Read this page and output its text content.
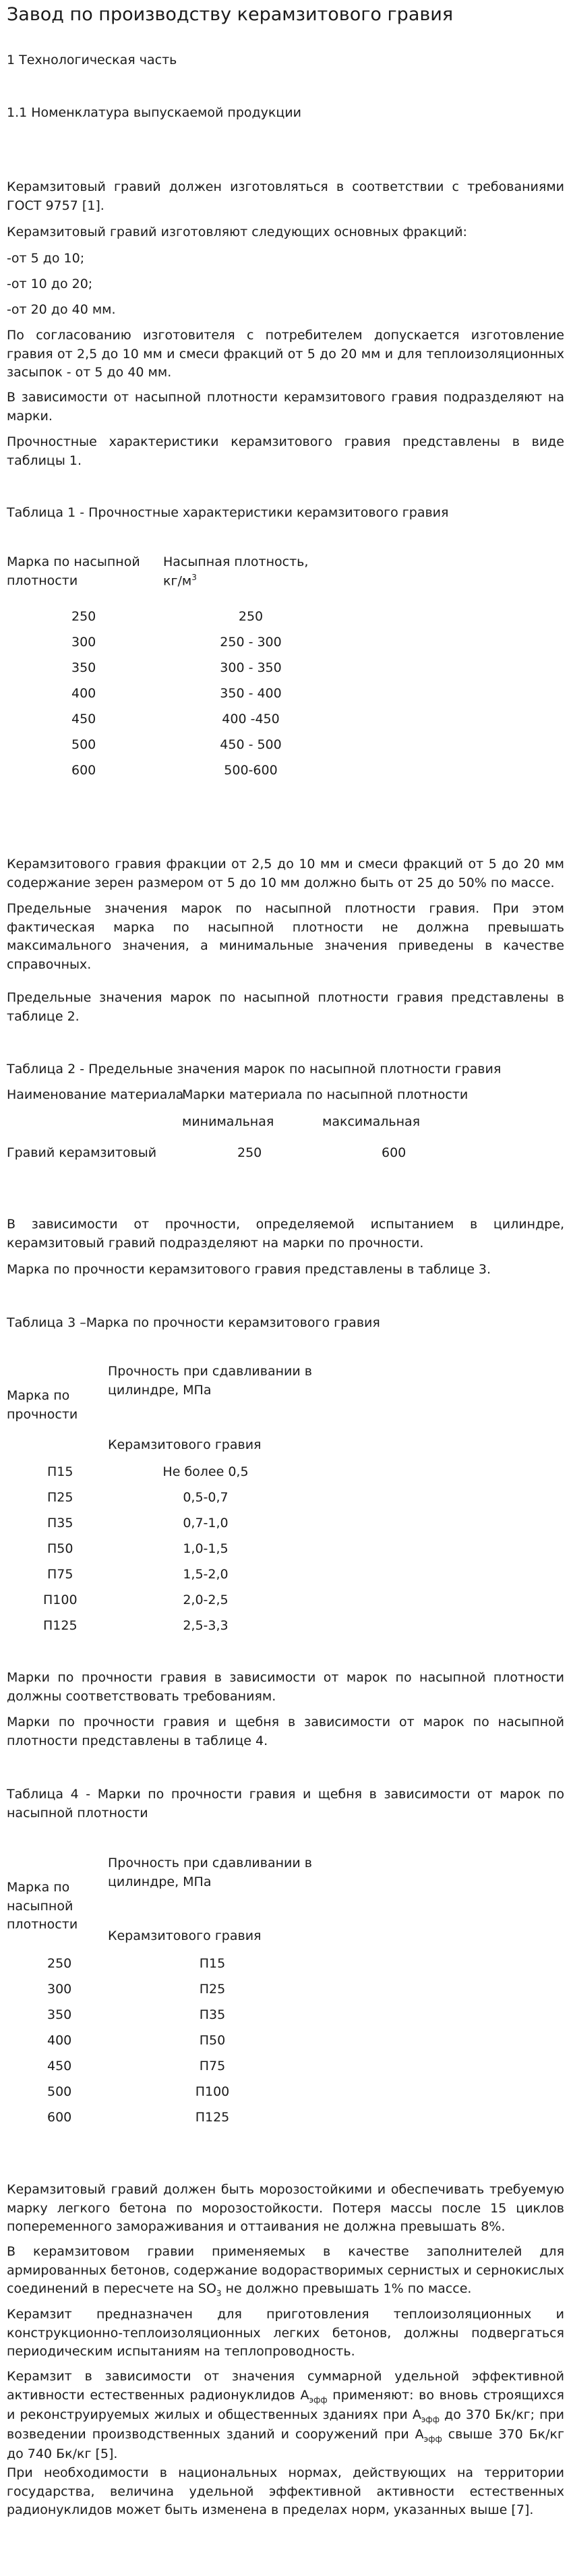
Завод по производству керамзитового гравия
1 Технологическая часть
1.1 Номенклатура выпускаемой продукции

Керамзитовый гравий должен изготовляться в соответствии с требованиями ГОСТ 9757 [1].

Керамзитовый гравий изготовляют следующих основных фракций:

-от 5 до 10;

-от 10 до 20;

-от 20 до 40 мм.

По согласованию изготовителя с потребителем допускается изготовление гравия от 2,5 до 10 мм и смеси фракций от 5 до 20 мм и для теплоизоляционных засыпок - от 5 до 40 мм.

В зависимости от насыпной плотности керамзитового гравия подразделяют на марки.

Прочностные характеристики керамзитового гравия представлены в виде таблицы 1.

Таблица 1 - Прочностные характеристики керамзитового гравия
Марка по насыпной плотности	Насыпная плотность, $кг/м^3$

250	250
300	250 - 300
350	300 - 350
400	350 - 400
450	400 -450
500	450 - 500
600	500-600

Керамзитового гравия фракции от 2,5 до 10 мм и смеси фракций от 5 до 20 мм содержание зерен размером от 5 до 10 мм должно быть от 25 до 50% по массе.

Предельные значения марок по насыпной плотности гравия. При этом фактическая марка по насыпной плотности не должна превышать максимального значения, а минимальные значения приведены в качестве справочных.

Предельные значения марок по насыпной плотности гравия представлены в таблице 2.

Таблица 2 - Предельные значения марок по насыпной плотности гравия
Наименование материала
Марки материала по насыпной плотности
минимальная	максимальная
Гравий керамзитовый	250	600

В зависимости от прочности, определяемой испытанием в цилиндре, керамзитовый гравий подразделяют на марки по прочности.

Марка по прочности керамзитового гравия представлены в таблице 3.

Таблица 3 –Марка по прочности керамзитового гравия
Марка по прочности
Прочность при сдавливании в цилиндре, МПа
Керамзитового гравия
П15	Не более 0,5
П25	0,5-0,7
П35	0,7-1,0
П50	1,0-1,5
П75	1,5-2,0
П100	2,0-2,5
П125	2,5-3,3

Марки по прочности гравия в зависимости от марок по насыпной плотности должны соответствовать требованиям.

Марки по прочности гравия и щебня в зависимости от марок по насыпной плотности представлены в таблице 4.

Таблица 4 - Марки по прочности гравия и щебня в зависимости от марок по насыпной плотности

Марка по насыпной плотности
Прочность при сдавливании в цилиндре, МПа
Керамзитового гравия
250	П15
300	П25
350	П35
400	П50
450	П75
500	П100
600	П125

Керамзитовый гравий должен быть морозостойкими и обеспечивать требуемую марку легкого бетона по морозостойкости. Потеря массы после 15 циклов попеременного замораживания и оттаивания не должна превышать 8%.

В керамзитовом гравии применяемых в качестве заполнителей для армированных бетонов, содержание водорастворимых сернистых и сернокислых соединений в пересчете на $SO_3$ не должно превышать 1% по массе.

Керамзит предназначен для приготовления теплоизоляционных и конструкционно-теплоизоляционных легких бетонов, должны подвергаться периодическим испытаниям на теплопроводность.

Керамзит в зависимости от значения суммарной удельной эффективной активности естественных радионуклидов $А_{эфф}$ применяют: во вновь строящихся и реконструируемых жилых и общественных зданиях при $А_{эфф}$ до 370 Бк/кг; при возведении производственных зданий и сооружений при $А_{эфф}$ свыше 370 Бк/кг до 740 Бк/кг [5].

При необходимости в национальных нормах, действующих на территории государства, величина удельной эффективной активности естественных радионуклидов может быть изменена в пределах норм, указанных выше [7].
